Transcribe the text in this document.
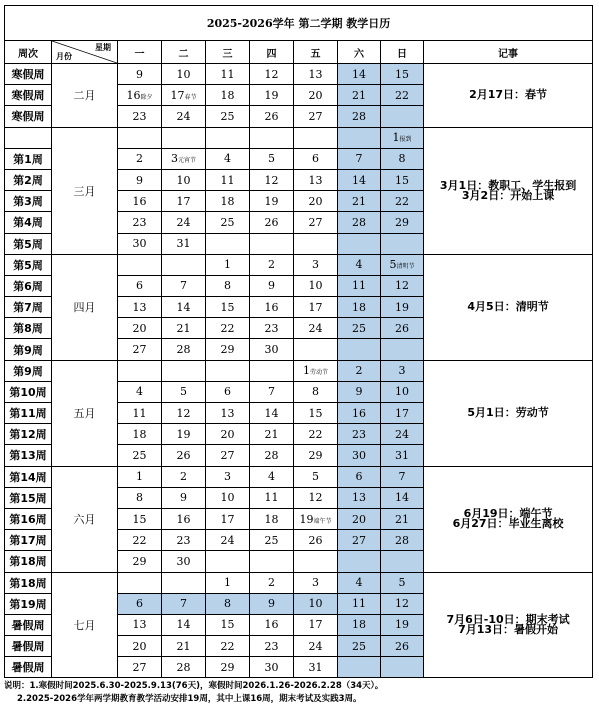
2025-2026学年 第二学期 教学日历									
周次	星期
月份	一	二	三	四	五	六	日	记事
寒假周	二月	9	10	11	12	13	14	15	2月17日：春节
寒假周		16除夕	17春节	18	19	20	21	22	
寒假周		23	24	25	26	27	28		
	三月							1报到	3月1日：教职工、学生报到
3月2日：开始上课
第1周		2	3元宵节	4	5	6	7	8	
第2周		9	10	11	12	13	14	15	
第3周		16	17	18	19	20	21	22	
第4周		23	24	25	26	27	28	29	
第5周		30	31						
第5周	四月			1	2	3	4	5清明节	4月5日：清明节
第6周		6	7	8	9	10	11	12	
第7周		13	14	15	16	17	18	19	
第8周		20	21	22	23	24	25	26	
第9周		27	28	29	30				
第9周	五月					1劳动节	2	3	5月1日：劳动节
第10周		4	5	6	7	8	9	10	
第11周		11	12	13	14	15	16	17	
第12周		18	19	20	21	22	23	24	
第13周		25	26	27	28	29	30	31	
第14周	六月	1	2	3	4	5	6	7	6月19日：端午节
6月27日：毕业生离校
第15周		8	9	10	11	12	13	14	
第16周		15	16	17	18	19端午节	20	21	
第17周		22	23	24	25	26	27	28	
第18周		29	30						
第18周	七月			1	2	3	4	5	7月6日-10日：期末考试
7月13日：暑假开始
第19周		6	7	8	9	10	11	12	
暑假周		13	14	15	16	17	18	19	
暑假周		20	21	22	23	24	25	26	
暑假周		27	28	29	30	31			
说明：1.寒假时间2025.6.30-2025.9.13(76天)，寒假时间2026.1.26-2026.2.28（34天）。
2.2025-2026学年两学期教育教学活动安排19周，其中上课16周，期末考试及实践3周。
